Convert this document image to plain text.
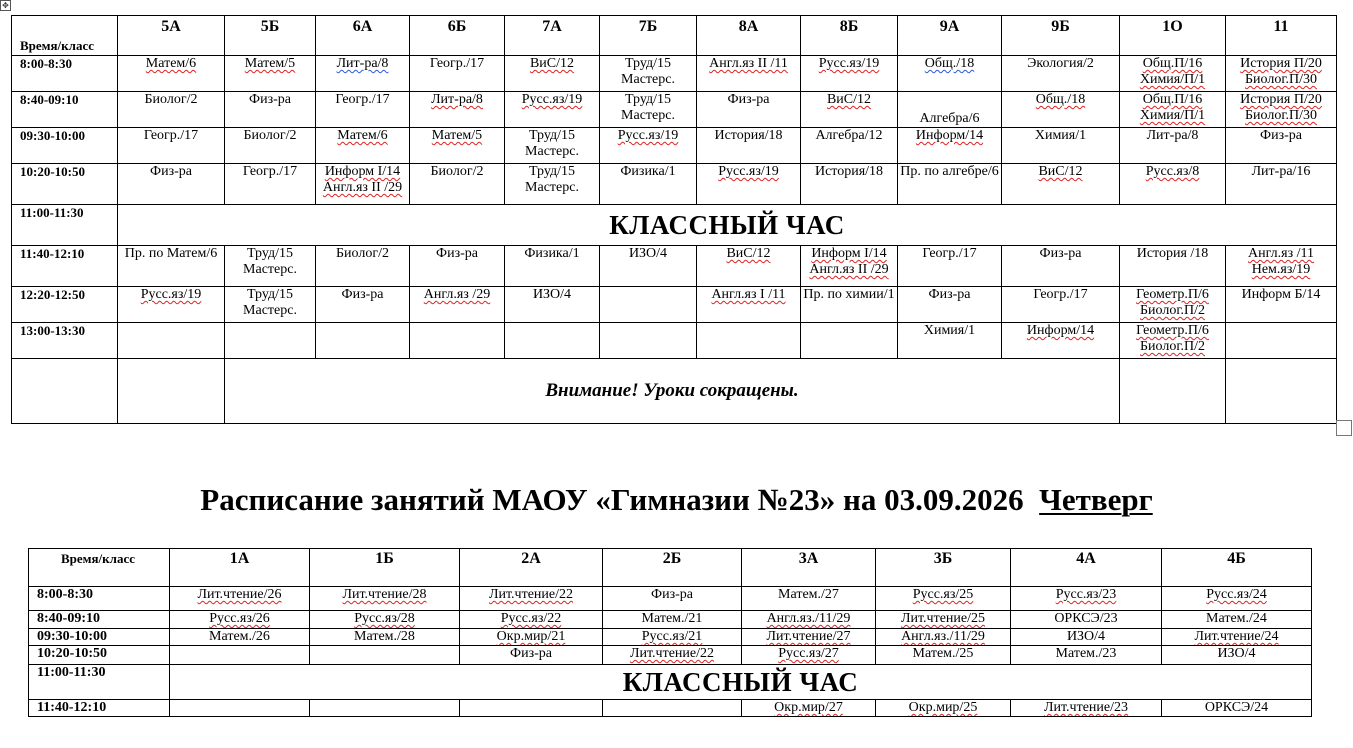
✥
Время/класс	5А	5Б	6А	6Б	7А	7Б	8А	8Б	9А	9Б	1О	11
8:00-8:30	Матем/6	Матем/5	Лит-ра/8	Геогр./17	ВиС/12	Труд/15 Мастерс.	Англ.яз II /11	Русс.яз/19	Общ./18	Экология/2	Общ.П/16 Химия/П/1	История П/20 Биолог.П/30
8:40-09:10	Биолог/2	Физ-ра	Геогр./17	Лит-ра/8	Русс.яз/19	Труд/15 Мастерс.	Физ-ра	ВиС/12	Алгебра/6	Общ./18	Общ.П/16 Химия/П/1	История П/20 Биолог.П/30
09:30-10:00	Геогр./17	Биолог/2	Матем/6	Матем/5	Труд/15 Мастерс.	Русс.яз/19	История/18	Алгебра/12	Информ/14	Химия/1	Лит-ра/8	Физ-ра
10:20-10:50	Физ-ра	Геогр./17	Информ I/14 Англ.яз II /29	Биолог/2	Труд/15 Мастерс.	Физика/1	Русс.яз/19	История/18	Пр. по алгебре/6	ВиС/12	Русс.яз/8	Лит-ра/16
11:00-11:30	КЛАССНЫЙ ЧАС											
11:40-12:10	Пр. по Матем/6	Труд/15 Мастерс.	Биолог/2	Физ-ра	Физика/1	ИЗО/4	ВиС/12	Информ I/14 Англ.яз II /29	Геогр./17	Физ-ра	История /18	Англ.яз /11 Нем.яз/19
12:20-12:50	Русс.яз/19	Труд/15 Мастерс.	Физ-ра	Англ.яз /29	ИЗО/4		Англ.яз I /11	Пр. по химии/1	Физ-ра	Геогр./17	Геометр.П/6 Биолог.П/2	Информ Б/14
13:00-13:30									Химия/1	Информ/14	Геометр.П/6 Биолог.П/2	
		Внимание! Уроки сокращены.										
Расписание занятий МАОУ «Гимназии №23» на 03.09.2026 Четверг
Время/класс	1А	1Б	2А	2Б	3А	3Б	4А	4Б
8:00-8:30	Лит.чтение/26	Лит.чтение/28	Лит.чтение/22	Физ-ра	Матем./27	Русс.яз/25	Русс.яз/23	Русс.яз/24
8:40-09:10	Русс.яз/26	Русс.яз/28	Русс.яз/22	Матем./21	Англ.яз./11/29	Лит.чтение/25	ОРКСЭ/23	Матем./24
09:30-10:00	Матем./26	Матем./28	Окр.мир/21	Русс.яз/21	Лит.чтение/27	Англ.яз./11/29	ИЗО/4	Лит.чтение/24
10:20-10:50			Физ-ра	Лит.чтение/22	Русс.яз/27	Матем./25	Матем./23	ИЗО/4
11:00-11:30	КЛАССНЫЙ ЧАС							
11:40-12:10					Окр.мир/27	Окр.мир/25	Лит.чтение/23	ОРКСЭ/24
